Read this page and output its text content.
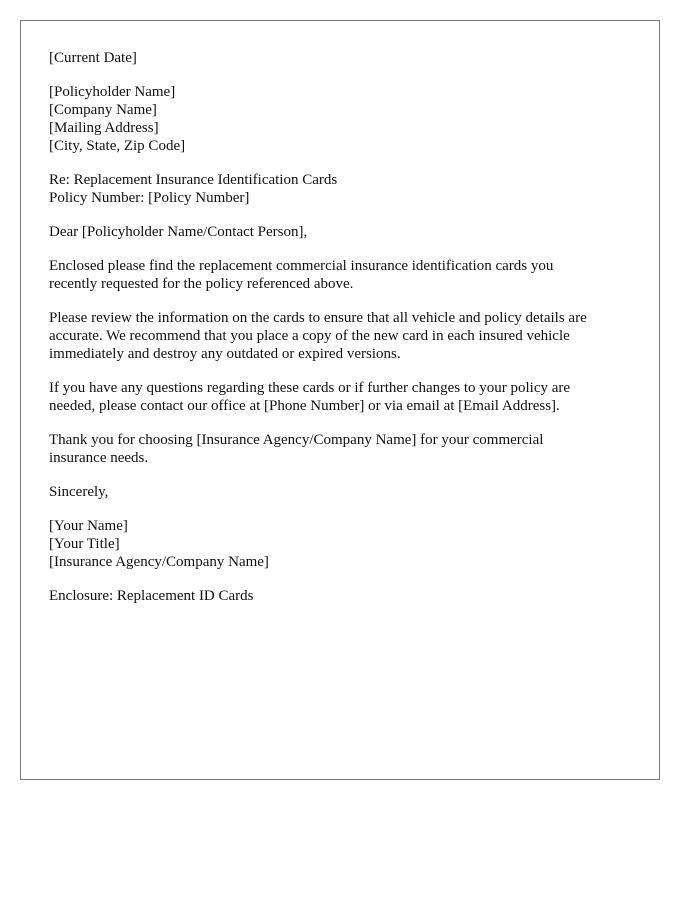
[Current Date]
[Policyholder Name]
[Company Name]
[Mailing Address]
[City, State, Zip Code]
Re: Replacement Insurance Identification Cards
Policy Number: [Policy Number]
Dear [Policyholder Name/Contact Person],
Enclosed please find the replacement commercial insurance identification cards you
recently requested for the policy referenced above.
Please review the information on the cards to ensure that all vehicle and policy details are
accurate. We recommend that you place a copy of the new card in each insured vehicle
immediately and destroy any outdated or expired versions.
If you have any questions regarding these cards or if further changes to your policy are
needed, please contact our office at [Phone Number] or via email at [Email Address].
Thank you for choosing [Insurance Agency/Company Name] for your commercial
insurance needs.
Sincerely,
[Your Name]
[Your Title]
[Insurance Agency/Company Name]
Enclosure: Replacement ID Cards
